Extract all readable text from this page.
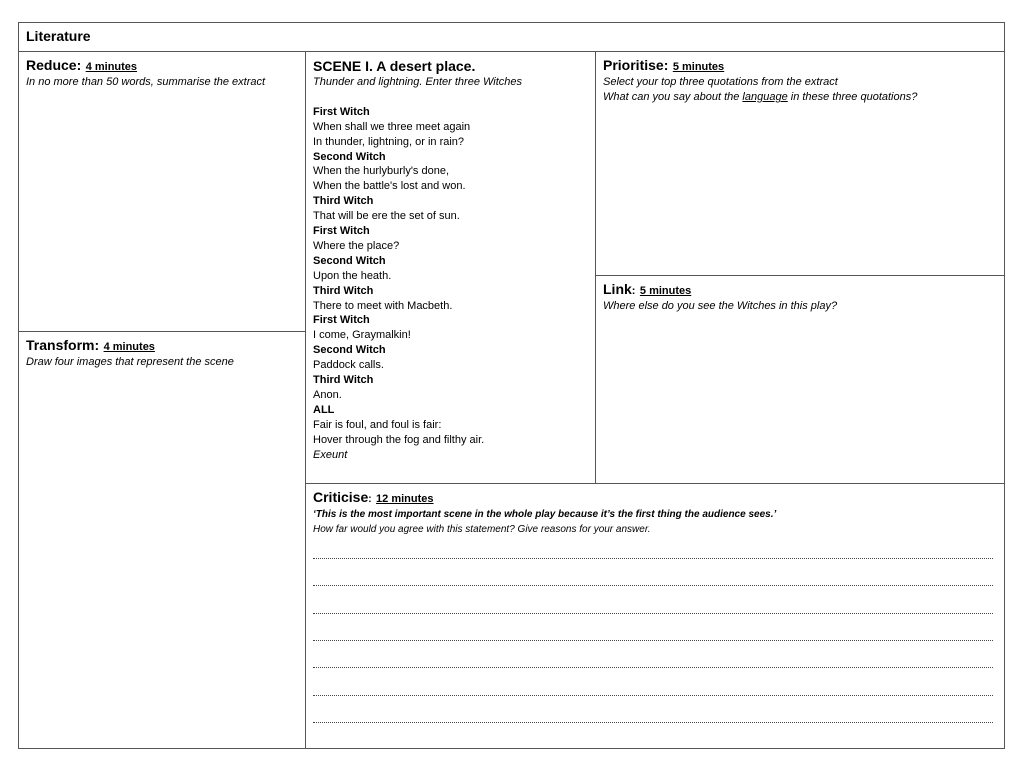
Literature
Reduce: 4 minutes
In no more than 50 words, summarise the extract
Transform: 4 minutes
Draw four images that represent the scene
SCENE I. A desert place.
Thunder and lightning. Enter three Witches
First Witch
When shall we three meet again
In thunder, lightning, or in rain?
Second Witch
When the hurlyburly's done,
When the battle's lost and won.
Third Witch
That will be ere the set of sun.
First Witch
Where the place?
Second Witch
Upon the heath.
Third Witch
There to meet with Macbeth.
First Witch
I come, Graymalkin!
Second Witch
Paddock calls.
Third Witch
Anon.
ALL
Fair is foul, and foul is fair:
Hover through the fog and filthy air.
Exeunt
Prioritise: 5 minutes
Select your top three quotations from the extract
What can you say about the language in these three quotations?
Link: 5 minutes
Where else do you see the Witches in this play?
Criticise: 12 minutes
‘This is the most important scene in the whole play because it’s the first thing the audience sees.’
How far would you agree with this statement? Give reasons for your answer.
